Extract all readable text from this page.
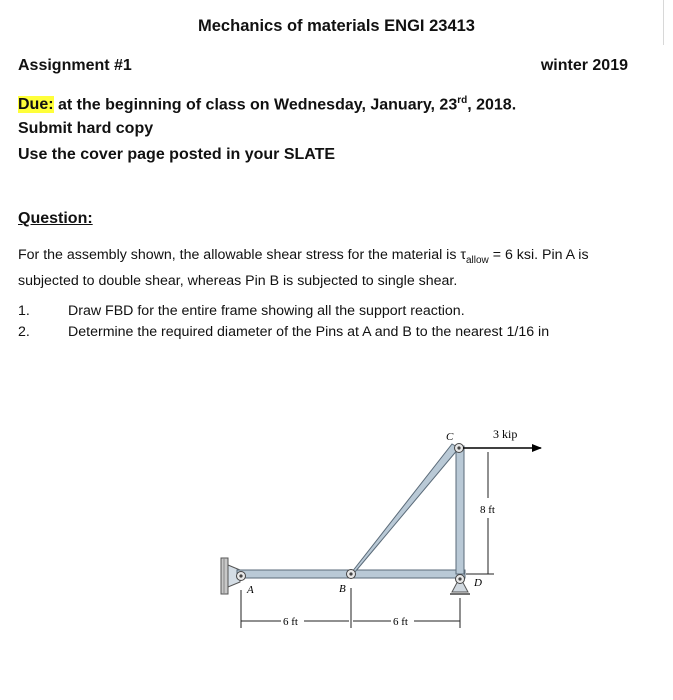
Mechanics of materials ENGI 23413
Assignment #1	winter 2019
Due: at the beginning of class on Wednesday, January, 23rd, 2018.
Submit hard copy
Use the cover page posted in your SLATE
Question:
For the assembly shown, the allowable shear stress for the material is $\tau_{allow} = 6$ ksi. Pin A is
subjected to double shear, whereas Pin B is subjected to single shear.
1.	Draw FBD for the entire frame showing all the support reaction.
2.	Determine the required diameter of the Pins at A and B to the nearest 1/16 in
3 kip
8 ft
A	B
C
D
6 ft	6 ft
